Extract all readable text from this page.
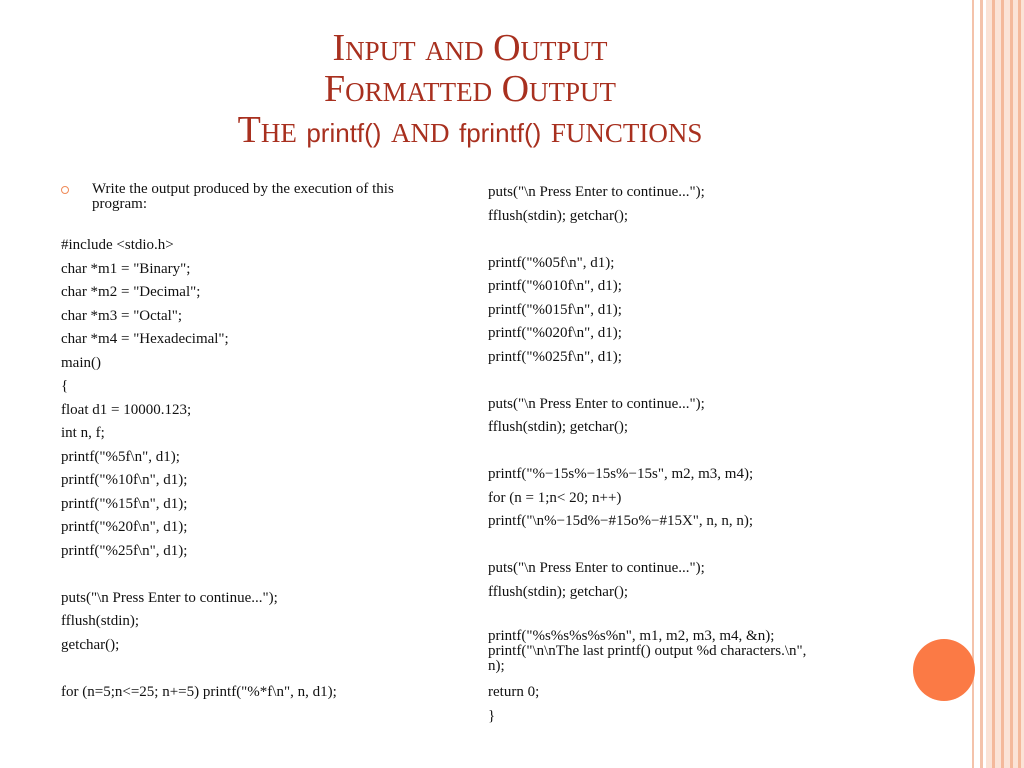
Input and Output
Formatted Output
The printf() and fprintf() functions
Write the output produced by the execution of this program:
#include <stdio.h>
char *m1 = "Binary";
char *m2 = "Decimal";
char *m3 = "Octal";
char *m4 = "Hexadecimal";
main()
{
float d1 = 10000.123;
int n, f;
printf("%5f\n", d1);
printf("%10f\n", d1);
printf("%15f\n", d1);
printf("%20f\n", d1);
printf("%25f\n", d1);
puts("\n Press Enter to continue...");
fflush(stdin);
getchar();
for (n=5;n<=25; n+=5) printf("%*f\n", n, d1);
puts("\n Press Enter to continue...");
fflush(stdin); getchar();
printf("%05f\n", d1);
printf("%010f\n", d1);
printf("%015f\n", d1);
printf("%020f\n", d1);
printf("%025f\n", d1);
puts("\n Press Enter to continue...");
fflush(stdin); getchar();
printf("%−15s%−15s%−15s", m2, m3, m4);
for (n = 1;n< 20; n++)
printf("\n%−15d%−#15o%−#15X", n, n, n);
puts("\n Press Enter to continue...");
fflush(stdin); getchar();
printf("%s%s%s%s%n", m1, m2, m3, m4, &n);
printf("\n\nThe last printf() output %d characters.\n", n);
return 0;
}
